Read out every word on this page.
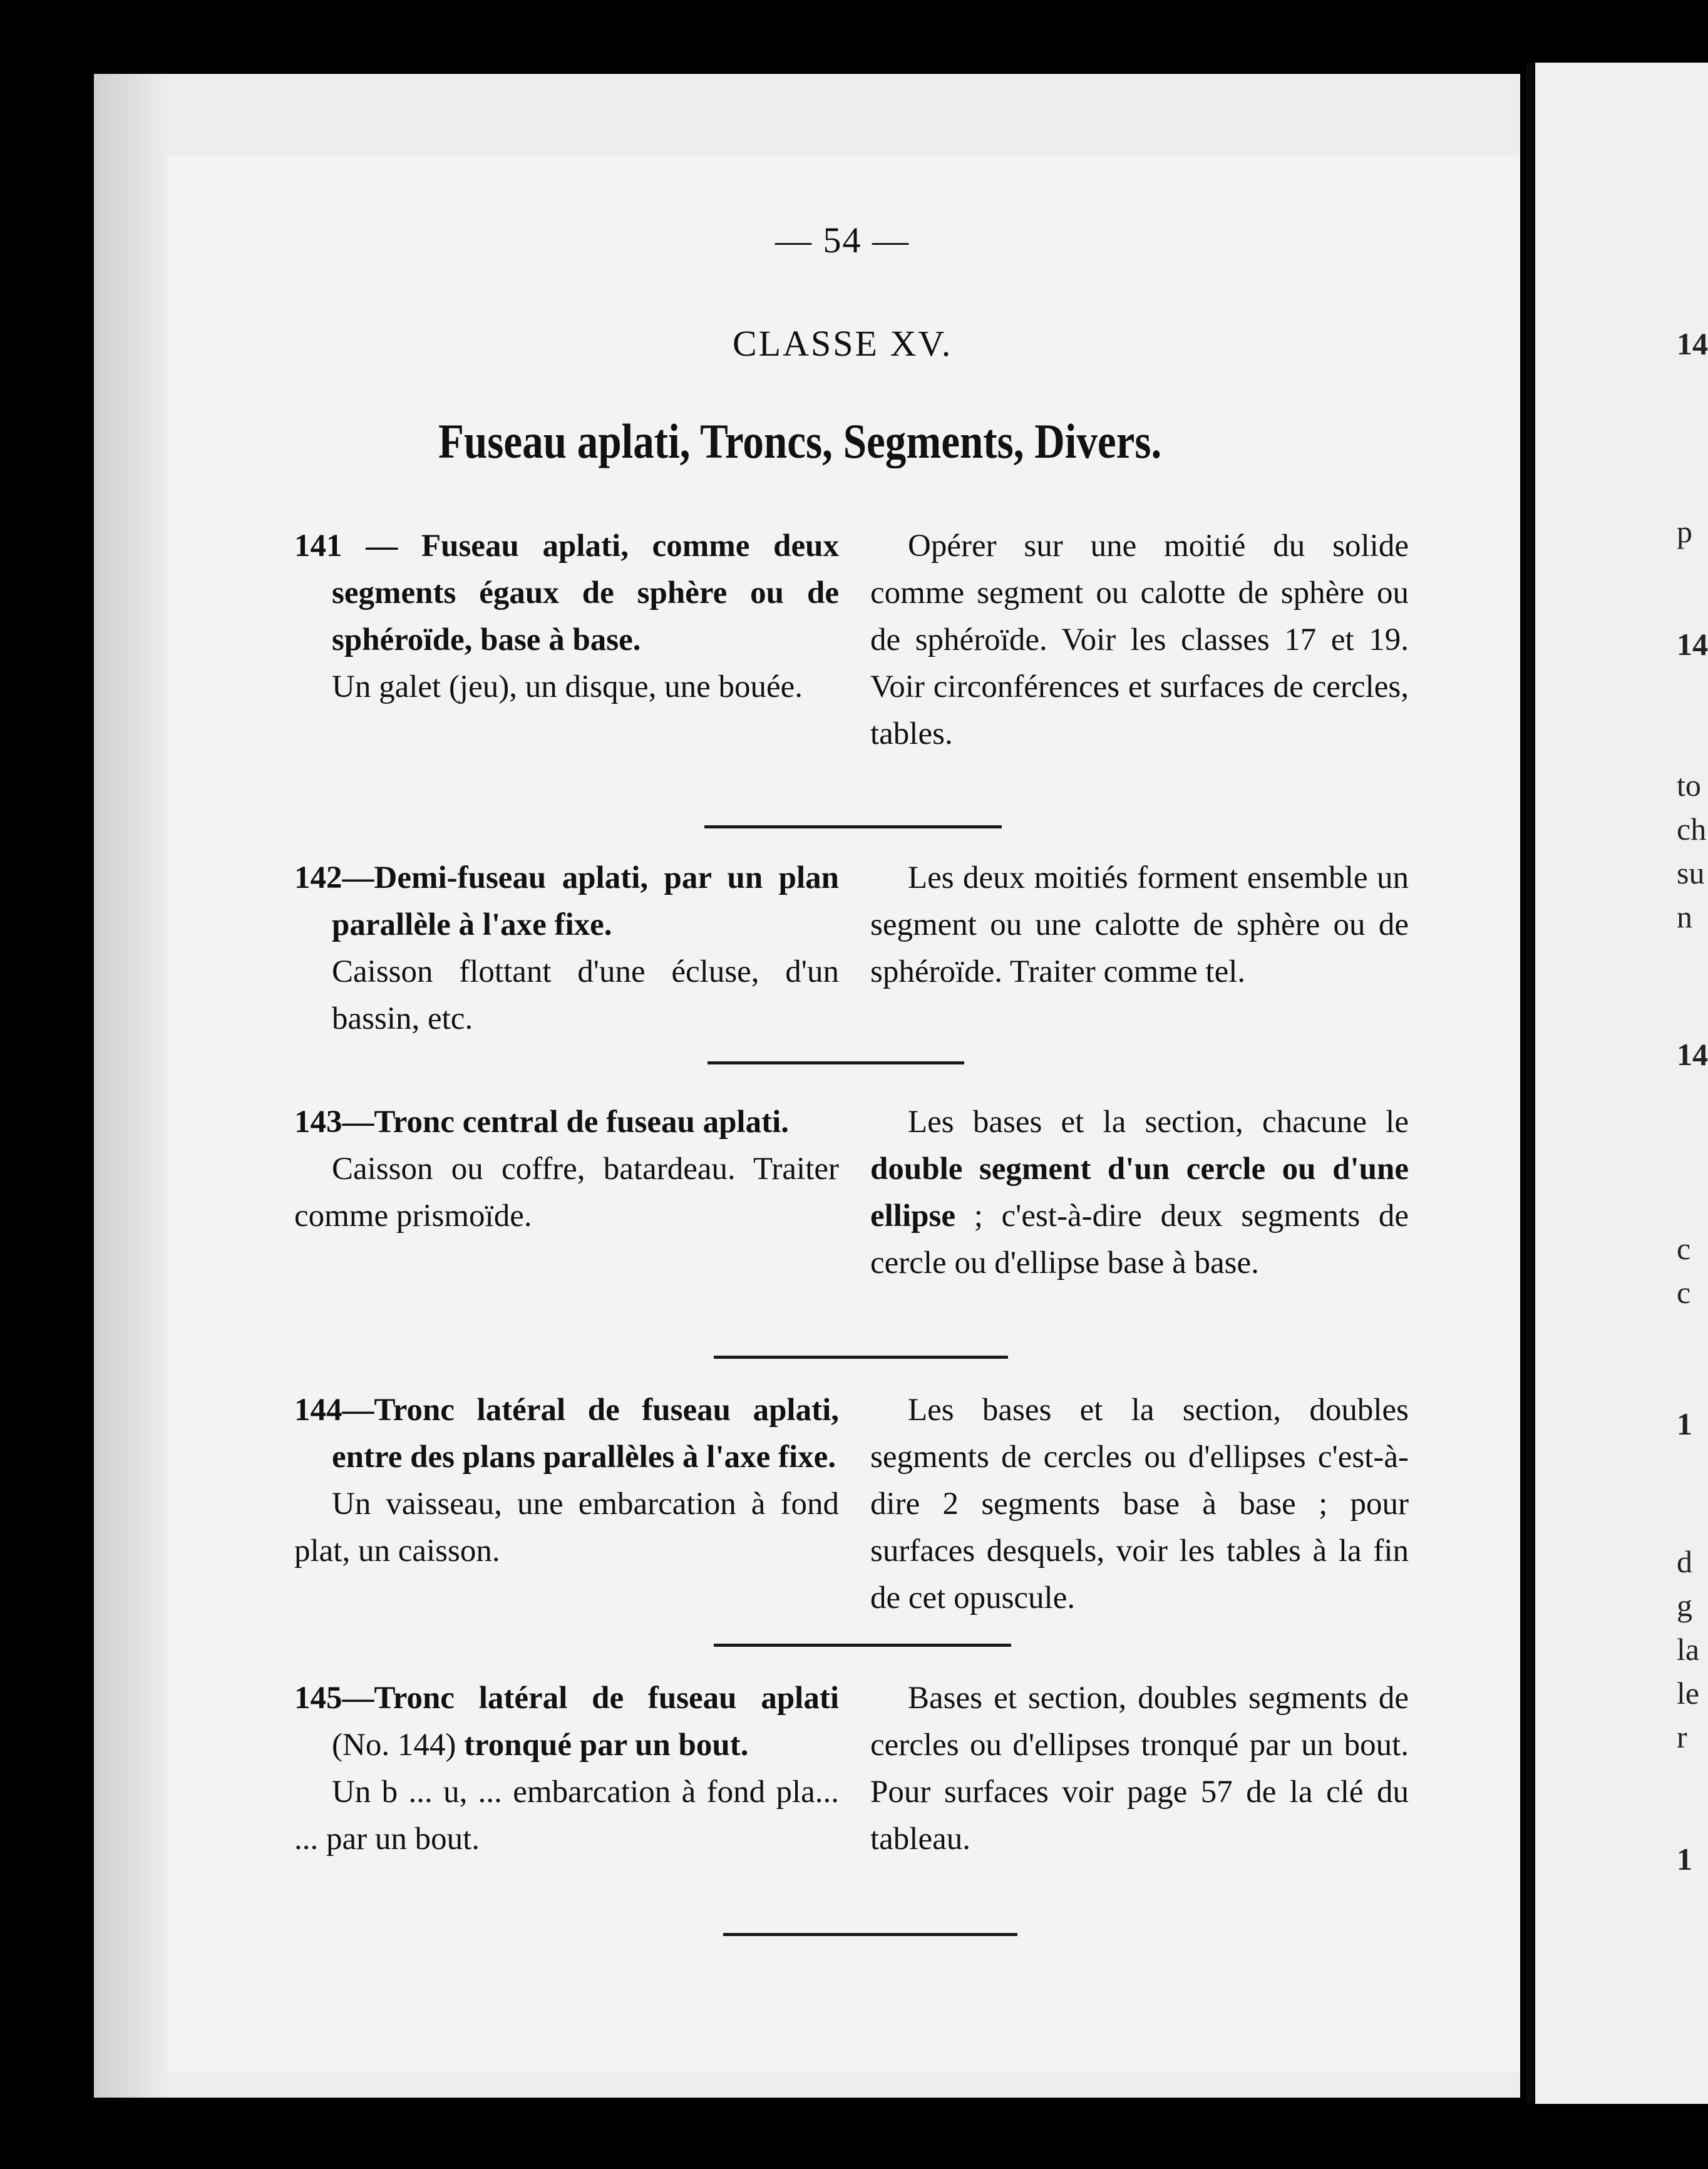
14
p
14
to
ch
su
n
14
c
c
1
d
g
la
le
r
1
— 54 —
CLASSE XV.
Fuseau aplati, Troncs, Segments, Divers.
141 — Fuseau aplati, comme deux segments égaux de sphère ou de sphéroïde, base à base.
Un galet (jeu), un disque, une bouée.
Opérer sur une moitié du solide comme segment ou calotte de sphère ou de sphéroïde. Voir les classes 17 et 19. Voir circonférences et surfaces de cercles, tables.
142—Demi-fuseau aplati, par un plan parallèle à l'axe fixe.
Caisson flottant d'une écluse, d'un bassin, etc.
Les deux moitiés forment ensemble un segment ou une calotte de sphère ou de sphéroïde. Traiter comme tel.
143—Tronc central de fuseau aplati.
Caisson ou coffre, batardeau. Traiter comme prismoïde.
Les bases et la section, chacune le double segment d'un cercle ou d'une ellipse ; c'est-à-dire deux segments de cercle ou d'ellipse base à base.
144—Tronc latéral de fuseau aplati, entre des plans parallèles à l'axe fixe.
Un vaisseau, une embarcation à fond plat, un caisson.
Les bases et la section, doubles segments de cercles ou d'ellipses c'est-à-dire 2 segments base à base ; pour surfaces desquels, voir les tables à la fin de cet opuscule.
145—Tronc latéral de fuseau aplati (No. 144) tronqué par un bout.
Un b ... u, ... embarcation à fond pla... ... par un bout.
Bases et section, doubles segments de cercles ou d'ellipses tronqué par un bout. Pour surfaces voir page 57 de la clé du tableau.
